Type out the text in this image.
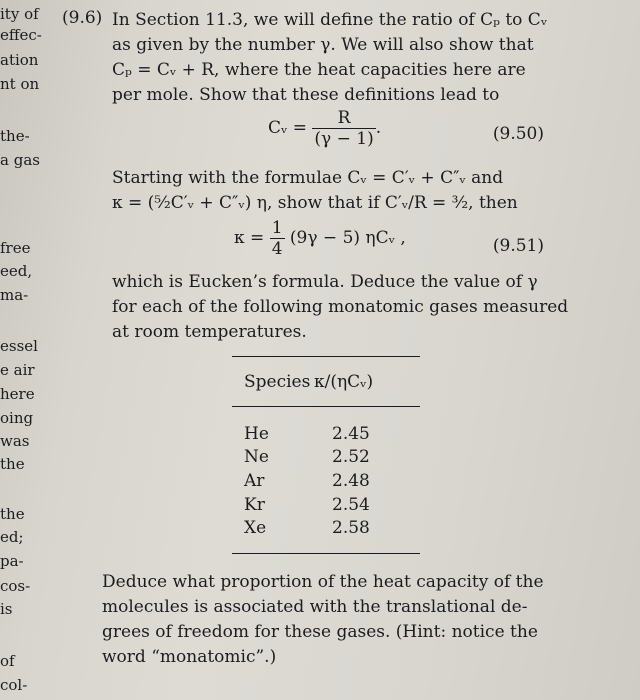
ity of
effec-
ation
nt on
the-
a gas
free
eed,
ma-
essel
e air
here
oing
was
the
the
ed;
pa-
cos-
is
of
col-
(9.6) In Section 11.3, we will define the ratio of Cₚ to Cᵥ
as given by the number γ. We will also show that
Cₚ = Cᵥ + R, where the heat capacities here are
per mole. Show that these definitions lead to
Cᵥ = $\frac{R}{(\gamma - 1)}$ .	(9.50)
Starting with the formulae Cᵥ = C′ᵥ + C″ᵥ and
κ = (⁵⁄₂C′ᵥ + C″ᵥ) η, show that if C′ᵥ/R = ³⁄₂, then
$\kappa = \frac{1}{4} (9\gamma - 5)$ ηCᵥ ,	(9.51)
which is Eucken’s formula. Deduce the value of γ
for each of the following monatomic gases measured
at room temperatures.
Species κ/(ηCᵥ)
He	2.45
Ne	2.52
Ar	2.48
Kr	2.54
Xe	2.58
Deduce what proportion of the heat capacity of the
molecules is associated with the translational de-
grees of freedom for these gases. (Hint: notice the
word “monatomic”.)
